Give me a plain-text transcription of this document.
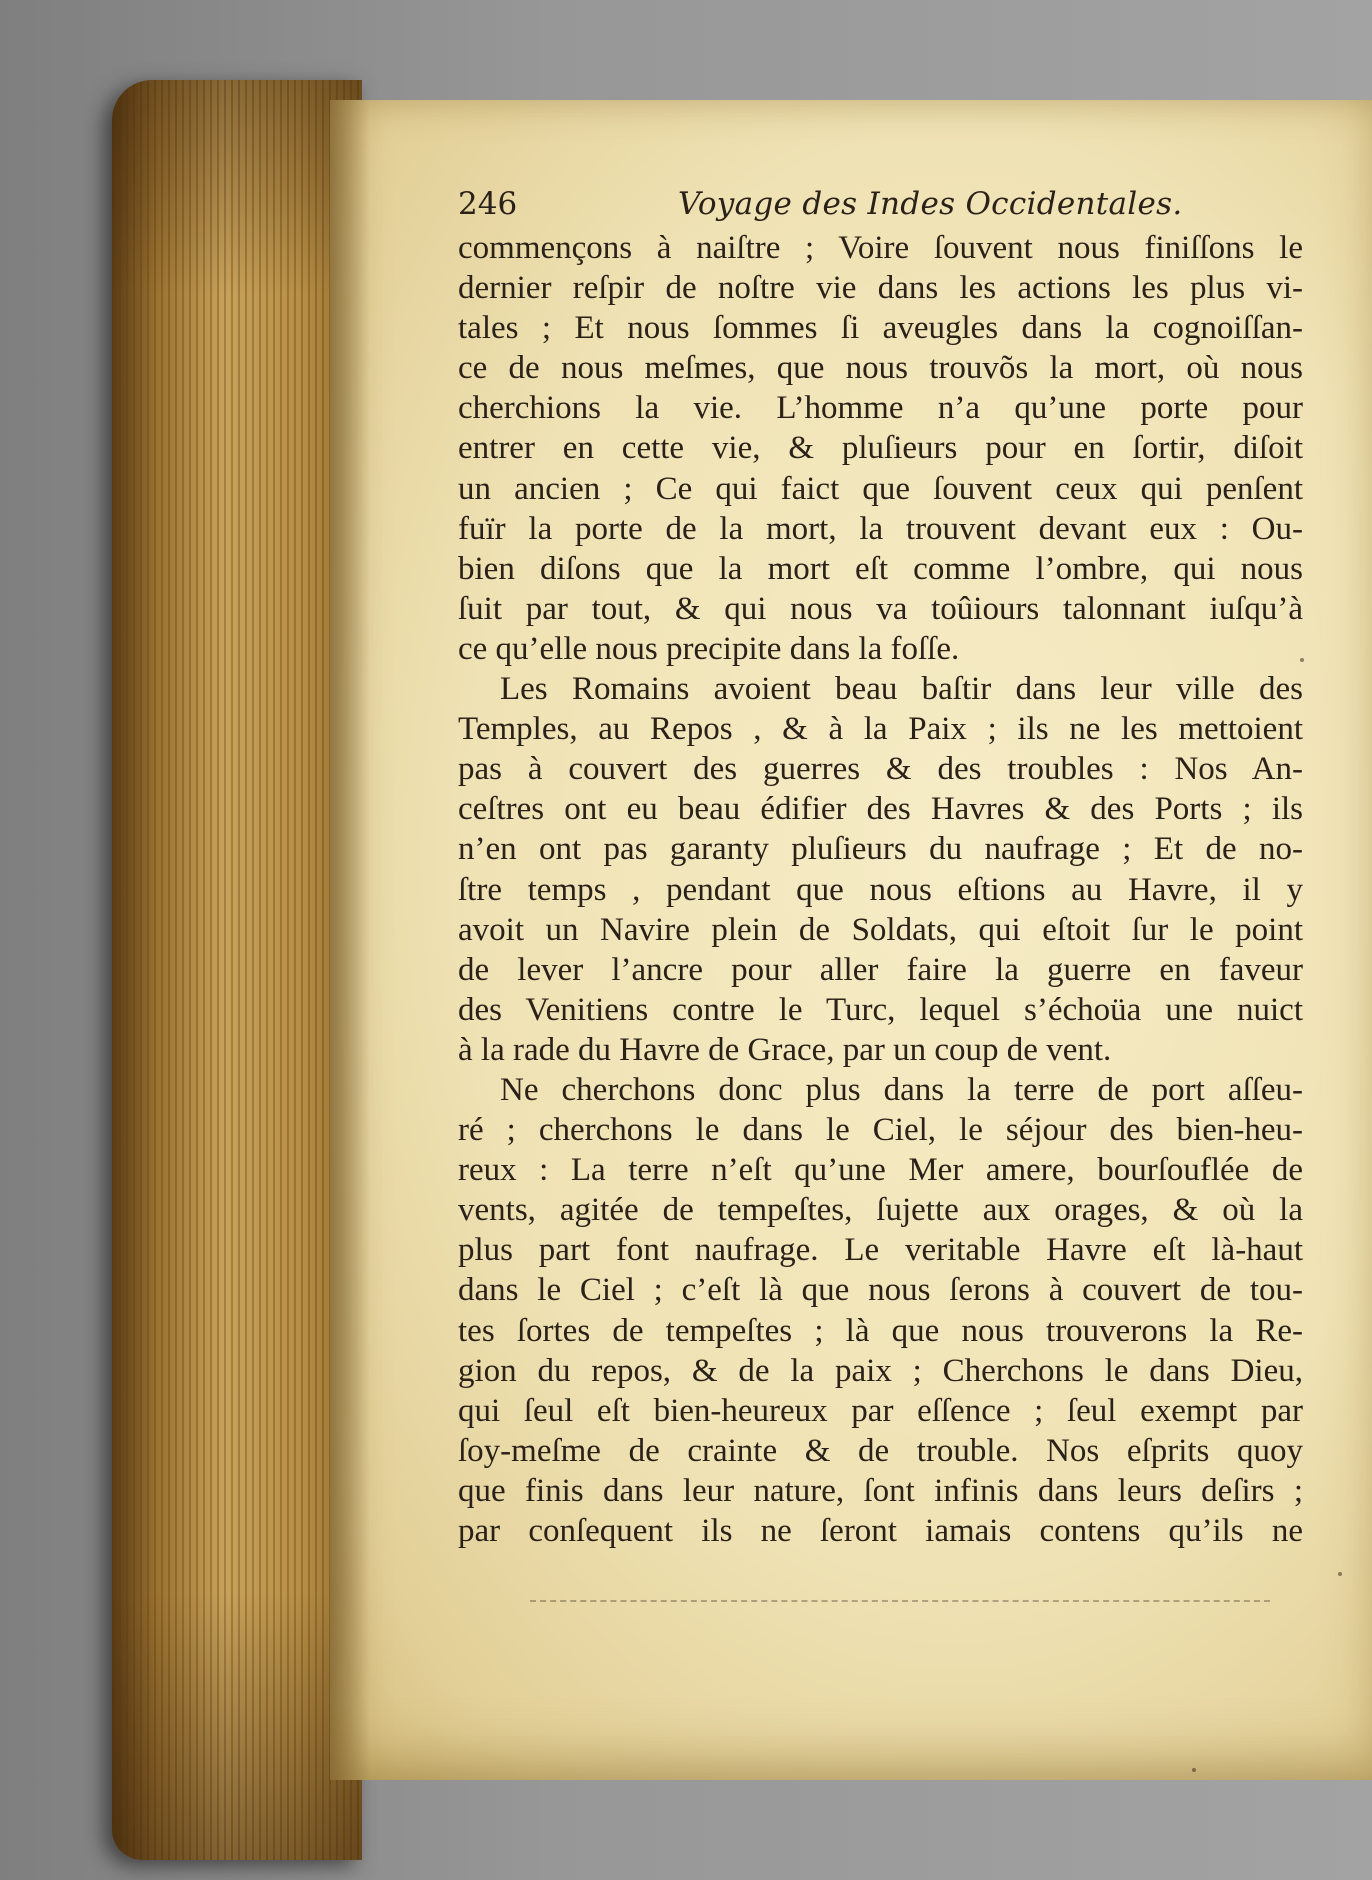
246	Voyage des Indes Occidentales.
commençons à naiſtre ; Voire ſouvent nous finiſſons le
dernier reſpir de noſtre vie dans les actions les plus vi-
tales ; Et nous ſommes ſi aveugles dans la cognoiſſan-
ce de nous meſmes, que nous trouvõs la mort, où nous
cherchions la vie. L’homme n’a qu’une porte pour
entrer en cette vie, & pluſieurs pour en ſortir, diſoit
un ancien ; Ce qui faict que ſouvent ceux qui penſent
fuïr la porte de la mort, la trouvent devant eux : Ou-
bien diſons que la mort eſt comme l’ombre, qui nous
ſuit par tout, & qui nous va toûiours talonnant iuſqu’à
ce qu’elle nous precipite dans la foſſe.
Les Romains avoient beau baſtir dans leur ville des
Temples, au Repos , & à la Paix ; ils ne les mettoient
pas à couvert des guerres & des troubles : Nos An-
ceſtres ont eu beau édifier des Havres & des Ports ; ils
n’en ont pas garanty pluſieurs du naufrage ; Et de no-
ſtre temps , pendant que nous eſtions au Havre, il y
avoit un Navire plein de Soldats, qui eſtoit ſur le point
de lever l’ancre pour aller faire la guerre en faveur
des Venitiens contre le Turc, lequel s’échoüa une nuict
à la rade du Havre de Grace, par un coup de vent.
Ne cherchons donc plus dans la terre de port aſſeu-
ré ; cherchons le dans le Ciel, le séjour des bien-heu-
reux : La terre n’eſt qu’une Mer amere, bourſouflée de
vents, agitée de tempeſtes, ſujette aux orages, & où la
plus part font naufrage. Le veritable Havre eſt là-haut
dans le Ciel ; c’eſt là que nous ſerons à couvert de tou-
tes ſortes de tempeſtes ; là que nous trouverons la Re-
gion du repos, & de la paix ; Cherchons le dans Dieu,
qui ſeul eſt bien-heureux par eſſence ; ſeul exempt par
ſoy-meſme de crainte & de trouble. Nos eſprits quoy
que finis dans leur nature, ſont infinis dans leurs deſirs ;
par conſequent ils ne ſeront iamais contens qu’ils ne
